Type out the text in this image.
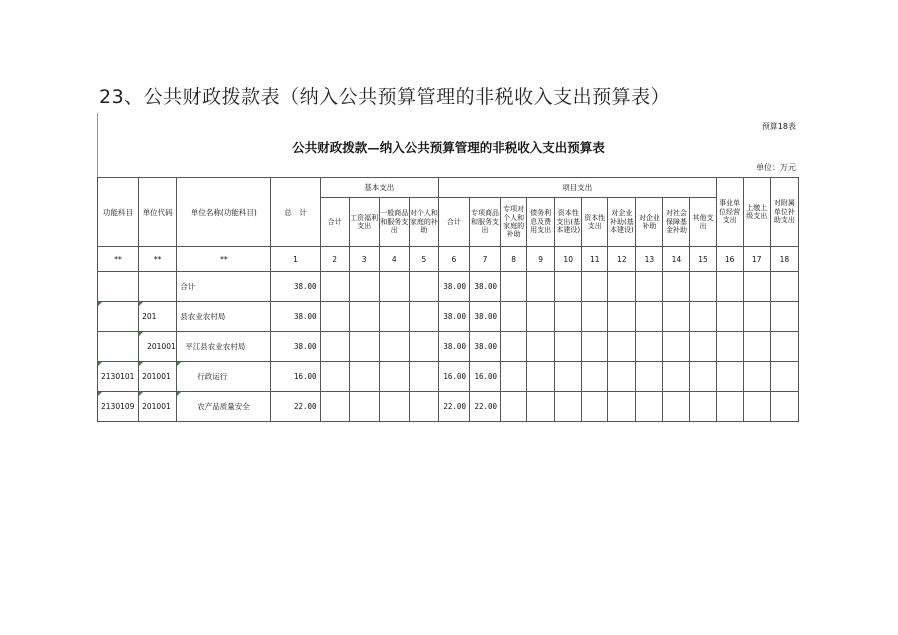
23、公共财政拨款表（纳入公共预算管理的非税收入支出预算表）
预算18表
公共财政拨款—纳入公共预算管理的非税收入支出预算表
单位：万元
功能科目	单位代码	单位名称(功能科目)	总　计	基本支出				项目支出										事业单位经营支出	上缴上级支出	对附属单位补助支出
				合计	工资福利支出	一般商品和服务支出	对个人和家庭的补助	合计	专项商品和服务支出	专项对个人和家庭的补助	债务利息及费用支出	资本性支出(基本建设)	资本性支出	对企业补助(基本建设)	对企业补助	对社会保障基金补助	其他支出			
**	**	**	1	2	3	4	5	6	7	8	9	10	11	12	13	14	15	16	17	18
		合计	38.00					38.00	38.00											
	201	县农业农村局	38.00					38.00	38.00											
	201001	平江县农业农村局	38.00					38.00	38.00											
2130101	201001	行政运行	16.00					16.00	16.00											
2130109	201001	农产品质量安全	22.00					22.00	22.00											
